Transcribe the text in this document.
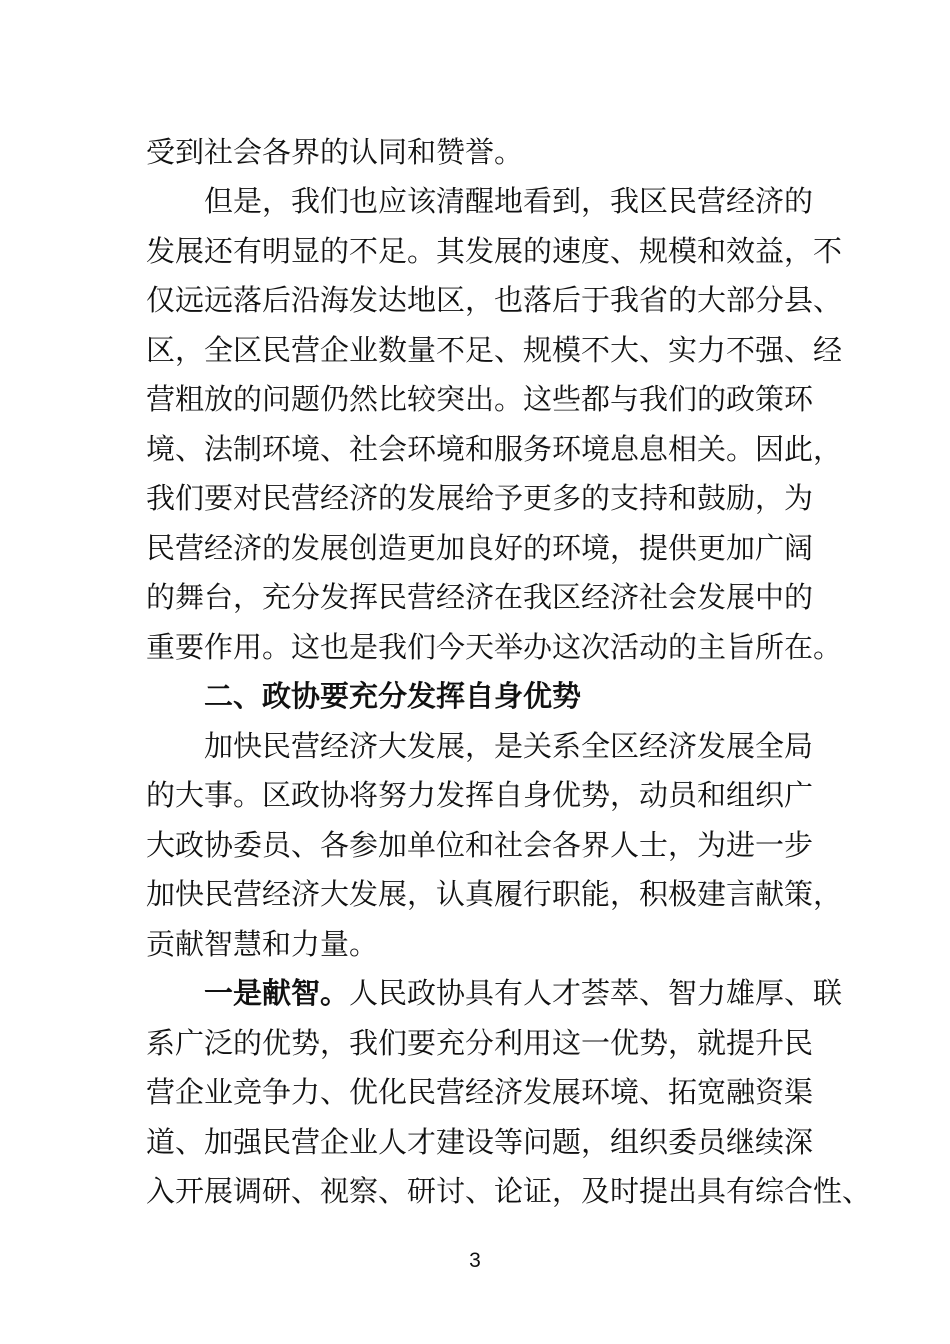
受到社会各界的认同和赞誉。
但是，我们也应该清醒地看到，我区民营经济的
发展还有明显的不足。其发展的速度、规模和效益，不
仅远远落后沿海发达地区，也落后于我省的大部分县、
区，全区民营企业数量不足、规模不大、实力不强、经
营粗放的问题仍然比较突出。这些都与我们的政策环
境、法制环境、社会环境和服务环境息息相关。因此，
我们要对民营经济的发展给予更多的支持和鼓励，为
民营经济的发展创造更加良好的环境，提供更加广阔
的舞台，充分发挥民营经济在我区经济社会发展中的
重要作用。这也是我们今天举办这次活动的主旨所在。
二、政协要充分发挥自身优势
加快民营经济大发展，是关系全区经济发展全局
的大事。区政协将努力发挥自身优势，动员和组织广
大政协委员、各参加单位和社会各界人士，为进一步
加快民营经济大发展，认真履行职能，积极建言献策，
贡献智慧和力量。
一是献智。 人民政协具有人才荟萃、智力雄厚、联
系广泛的优势，我们要充分利用这一优势，就提升民
营企业竞争力、优化民营经济发展环境、拓宽融资渠
道、加强民营企业人才建设等问题，组织委员继续深
入开展调研、视察、研讨、论证，及时提出具有综合性、
3
